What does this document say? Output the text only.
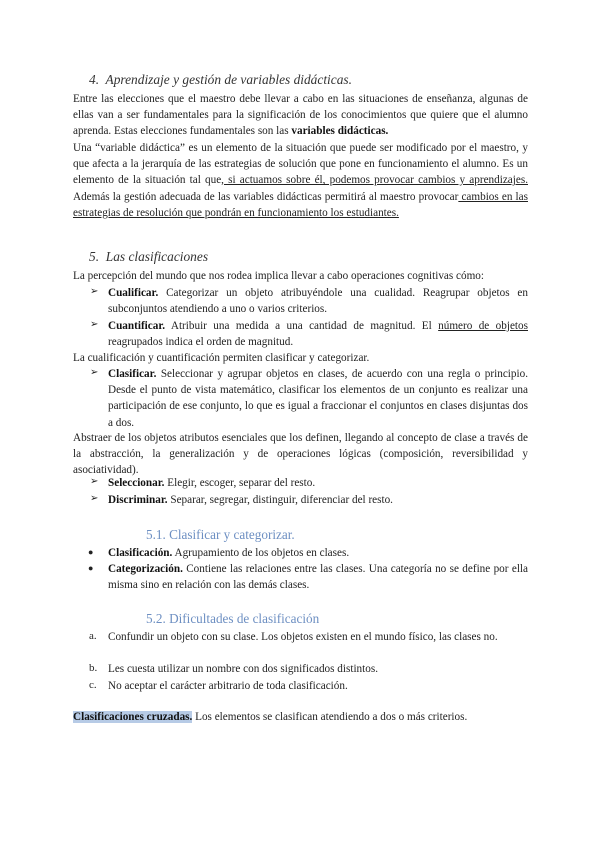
4. Aprendizaje y gestión de variables didácticas.

Entre las elecciones que el maestro debe llevar a cabo en las situaciones de enseñanza, algunas de ellas van a ser fundamentales para la significación de los conocimientos que quiere que el alumno aprenda. Estas elecciones fundamentales son las variables didácticas.

Una “variable didáctica” es un elemento de la situación que puede ser modificado por el maestro, y que afecta a la jerarquía de las estrategias de solución que pone en funcionamiento el alumno. Es un elemento de la situación tal que, si actuamos sobre él, podemos provocar cambios y aprendizajes. Además la gestión adecuada de las variables didácticas permitirá al maestro provocar cambios en las estrategias de resolución que pondrán en funcionamiento los estudiantes.

5. Las clasificaciones

La percepción del mundo que nos rodea implica llevar a cabo operaciones cognitivas cómo:

➢ Cualificar. Categorizar un objeto atribuyéndole una cualidad. Reagrupar objetos en subconjuntos atendiendo a uno o varios criterios.

➢ Cuantificar. Atribuir una medida a una cantidad de magnitud. El número de objetos reagrupados indica el orden de magnitud.

La cualificación y cuantificación permiten clasificar y categorizar.

➢ Clasificar. Seleccionar y agrupar objetos en clases, de acuerdo con una regla o principio. Desde el punto de vista matemático, clasificar los elementos de un conjunto es realizar una participación de ese conjunto, lo que es igual a fraccionar el conjuntos en clases disjuntas dos a dos.

Abstraer de los objetos atributos esenciales que los definen, llegando al concepto de clase a través de la abstracción, la generalización y de operaciones lógicas (composición, reversibilidad y asociatividad).

➢ Seleccionar. Elegir, escoger, separar del resto.

➢ Discriminar. Separar, segregar, distinguir, diferenciar del resto.

5.1. Clasificar y categorizar.
● Clasificación. Agrupamiento de los objetos en clases.

● Categorización. Contiene las relaciones entre las clases. Una categoría no se define por ella misma sino en relación con las demás clases.

5.2. Dificultades de clasificación
a. Confundir un objeto con su clase. Los objetos existen en el mundo físico, las clases no.

b. Les cuesta utilizar un nombre con dos significados distintos.

c. No aceptar el carácter arbitrario de toda clasificación.

Clasificaciones cruzadas. Los elementos se clasifican atendiendo a dos o más criterios.
